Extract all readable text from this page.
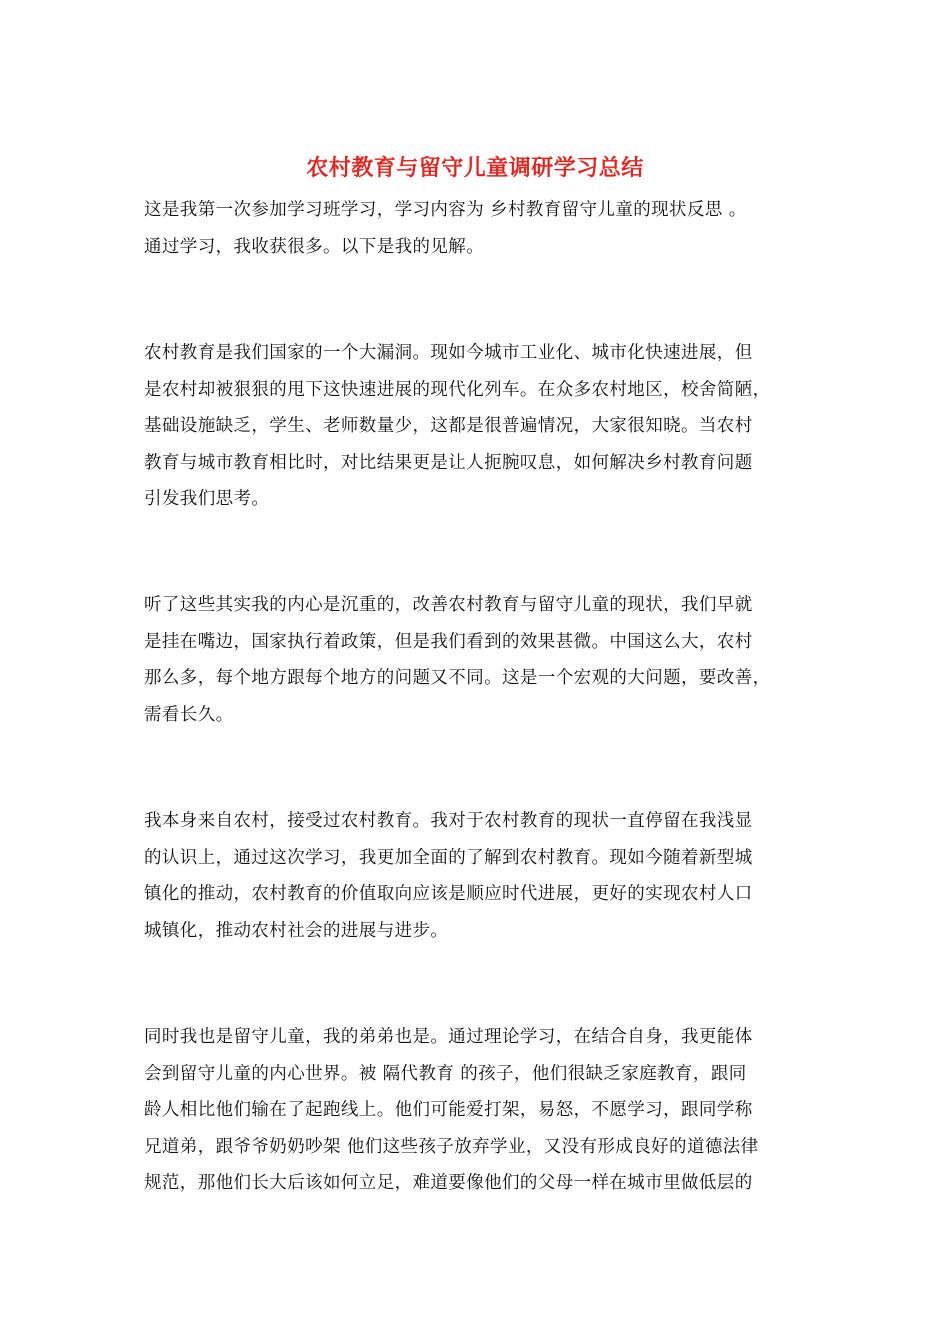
农村教育与留守儿童调研学习总结

这是我第一次参加学习班学习，学习内容为 乡村教育留守儿童的现状反思 。
通过学习，我收获很多。以下是我的见解。

农村教育是我们国家的一个大漏洞。现如今城市工业化、城市化快速进展，但
是农村却被狠狠的甩下这快速进展的现代化列车。在众多农村地区，校舍简陋，
基础设施缺乏，学生、老师数量少，这都是很普遍情况，大家很知晓。当农村
教育与城市教育相比时，对比结果更是让人扼腕叹息，如何解决乡村教育问题
引发我们思考。

听了这些其实我的内心是沉重的，改善农村教育与留守儿童的现状，我们早就
是挂在嘴边，国家执行着政策，但是我们看到的效果甚微。中国这么大，农村
那么多，每个地方跟每个地方的问题又不同。这是一个宏观的大问题，要改善，
需看长久。

我本身来自农村，接受过农村教育。我对于农村教育的现状一直停留在我浅显
的认识上，通过这次学习，我更加全面的了解到农村教育。现如今随着新型城
镇化的推动，农村教育的价值取向应该是顺应时代进展，更好的实现农村人口
城镇化，推动农村社会的进展与进步。

同时我也是留守儿童，我的弟弟也是。通过理论学习，在结合自身，我更能体
会到留守儿童的内心世界。被 隔代教育 的孩子，他们很缺乏家庭教育，跟同
龄人相比他们输在了起跑线上。他们可能爱打架，易怒，不愿学习，跟同学称
兄道弟，跟爷爷奶奶吵架 他们这些孩子放弃学业，又没有形成良好的道德法律
规范，那他们长大后该如何立足，难道要像他们的父母一样在城市里做低层的
